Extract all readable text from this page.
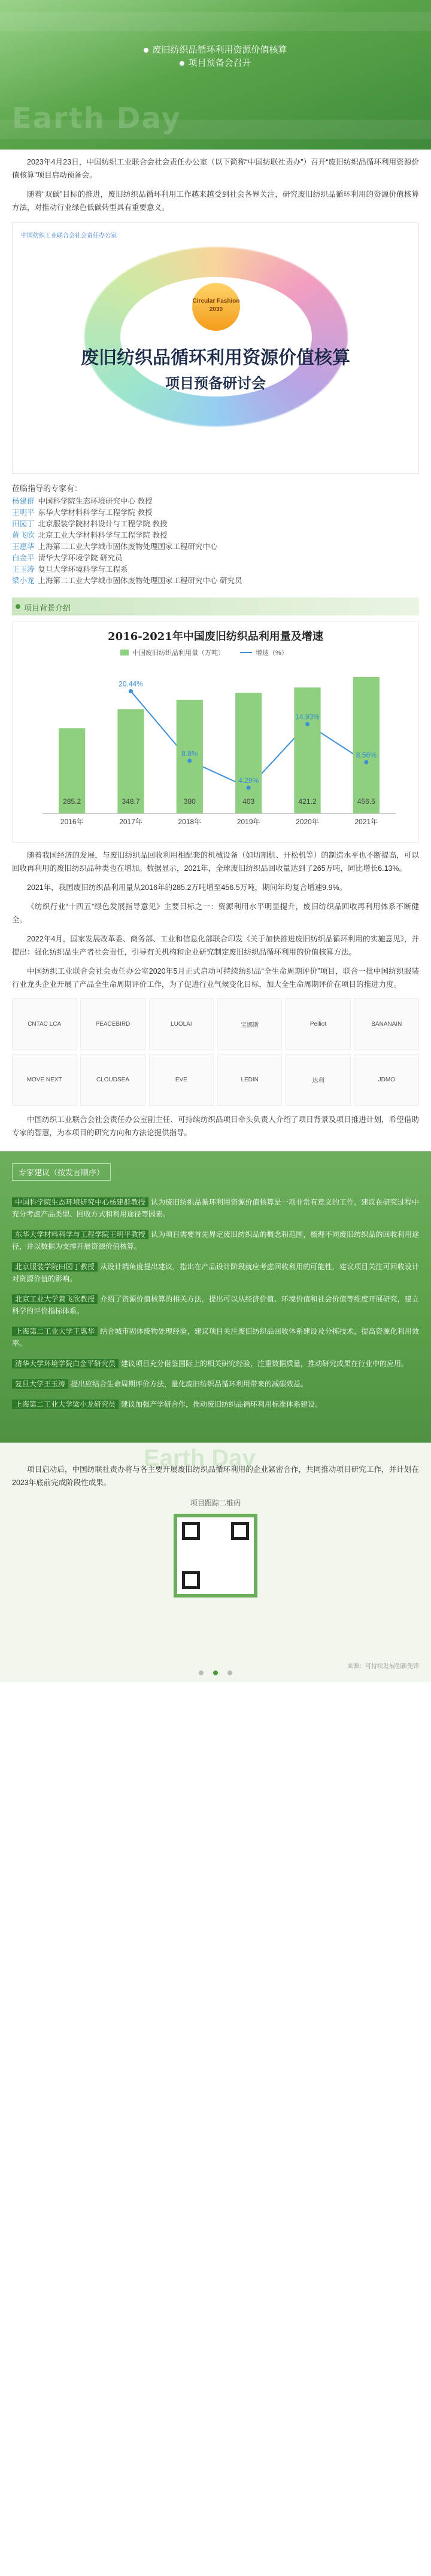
废旧纺织品循环利用资源价值核算
项目预备会召开
Earth Day

2023年4月23日，中国纺织工业联合会社会责任办公室（以下简称“中国纺联社责办”）召开“废旧纺织品循环利用资源价值核算”项目启动预备会。

随着“双碳”目标的推进，废旧纺织品循环利用工作越来越受到社会各界关注，研究废旧纺织品循环利用的资源价值核算方法，对推动行业绿色低碳转型具有重要意义。

中国纺织工业联合会社会责任办公室
Circular Fashion 2030
废旧纺织品循环利用资源价值核算
项目预备研讨会
莅临指导的专家有：
杨建群 中国科学院生态环境研究中心 教授
王明平 东华大学材料科学与工程学院 教授
田园丁 北京服装学院材料设计与工程学院 教授
黄飞欣 北京工业大学材料科学与工程学院 教授
王惠华 上海第二工业大学城市固体废物处理国家工程研究中心
白金平 清华大学环境学院 研究员
王玉涛 复旦大学环境科学与工程系
梁小龙 上海第二工业大学城市固体废物处理国家工程研究中心 研究员
项目背景介绍
2016-2021年中国废旧纺织品利用量及增速
中国废旧纺织品利用量（万吨）	增速（%）
285.2
2016年
348.7
2017年
20.44%
380
2018年
8.8%
403
2019年
4.29%
421.2
2020年
14.93%
456.5
2021年
8.56%

随着我国经济的发展，与废旧纺织品回收利用相配套的机械设备（如切割机、开松机等）的制造水平也不断提高，可以回收再利用的废旧纺织品种类也在增加。数据显示，2021年，全球废旧纺织品回收量达到了265万吨，同比增长6.13%。

2021年，我国废旧纺织品利用量从2016年的285.2万吨增至456.5万吨，期间年均复合增速9.9%。

《纺织行业“十四五”绿色发展指导意见》主要目标之一：资源利用水平明显提升，废旧纺织品回收再利用体系不断健全。

2022年4月，国家发展改革委、商务部、工业和信息化部联合印发《关于加快推进废旧纺织品循环利用的实施意见》，并提出：强化纺织品生产者社会责任，引导有关机构和企业研究制定废旧纺织品循环利用的价值核算方法。

中国纺织工业联合会社会责任办公室2020年5月正式启动可持续纺织品“全生命周期评价”项目，联合一批中国纺织服装行业龙头企业开展了产品全生命周期评价工作，为了促进行业气候变化目标，加大全生命周期评价在项目的推进力度。

CNTAC LCA	PEACEBIRD	LUOLAI	宝娜斯	Pelliot	BANANAIN
MOVE NEXT	CLOUDSEA	EVE	LEDIN	达利	JDMO

中国纺织工业联合会社会责任办公室副主任、可持续纺织品项目牵头负责人介绍了项目背景及项目推进计划，希望借助专家的智慧，为本项目的研究方向和方法论提供指导。

专家建议（按发言顺序）
中国科学院生态环境研究中心杨建群教授 认为废旧纺织品循环利用资源价值核算是一项非常有意义的工作，建议在研究过程中充分考虑产品类型、回收方式和利用途径等因素。
东华大学材料科学与工程学院王明平教授 认为项目需要首先界定废旧纺织品的概念和范围，梳理不同废旧纺织品的回收利用途径，并以数据为支撑开展资源价值核算。
北京服装学院田园丁教授 从设计端角度提出建议，指出在产品设计阶段就应考虑回收利用的可能性，建议项目关注可回收设计对资源价值的影响。
北京工业大学黄飞欣教授 介绍了资源价值核算的相关方法，提出可以从经济价值、环境价值和社会价值等维度开展研究，建立科学的评价指标体系。
上海第二工业大学王惠华 结合城市固体废物处理经验，建议项目关注废旧纺织品回收体系建设及分拣技术，提高资源化利用效率。
清华大学环境学院白金平研究员 建议项目充分借鉴国际上的相关研究经验，注重数据质量，推动研究成果在行业中的应用。
复旦大学王玉涛 提出应结合生命周期评价方法，量化废旧纺织品循环利用带来的减碳效益。
上海第二工业大学梁小龙研究员 建议加强产学研合作，推动废旧纺织品循环利用标准体系建设。
Earth Day

项目启动后，中国纺联社责办将与各主要开展废旧纺织品循环利用的企业紧密合作，共同推动项目研究工作，并计划在2023年底前完成阶段性成果。

项目跟踪二维码
来源：可持续发展创新先锋
